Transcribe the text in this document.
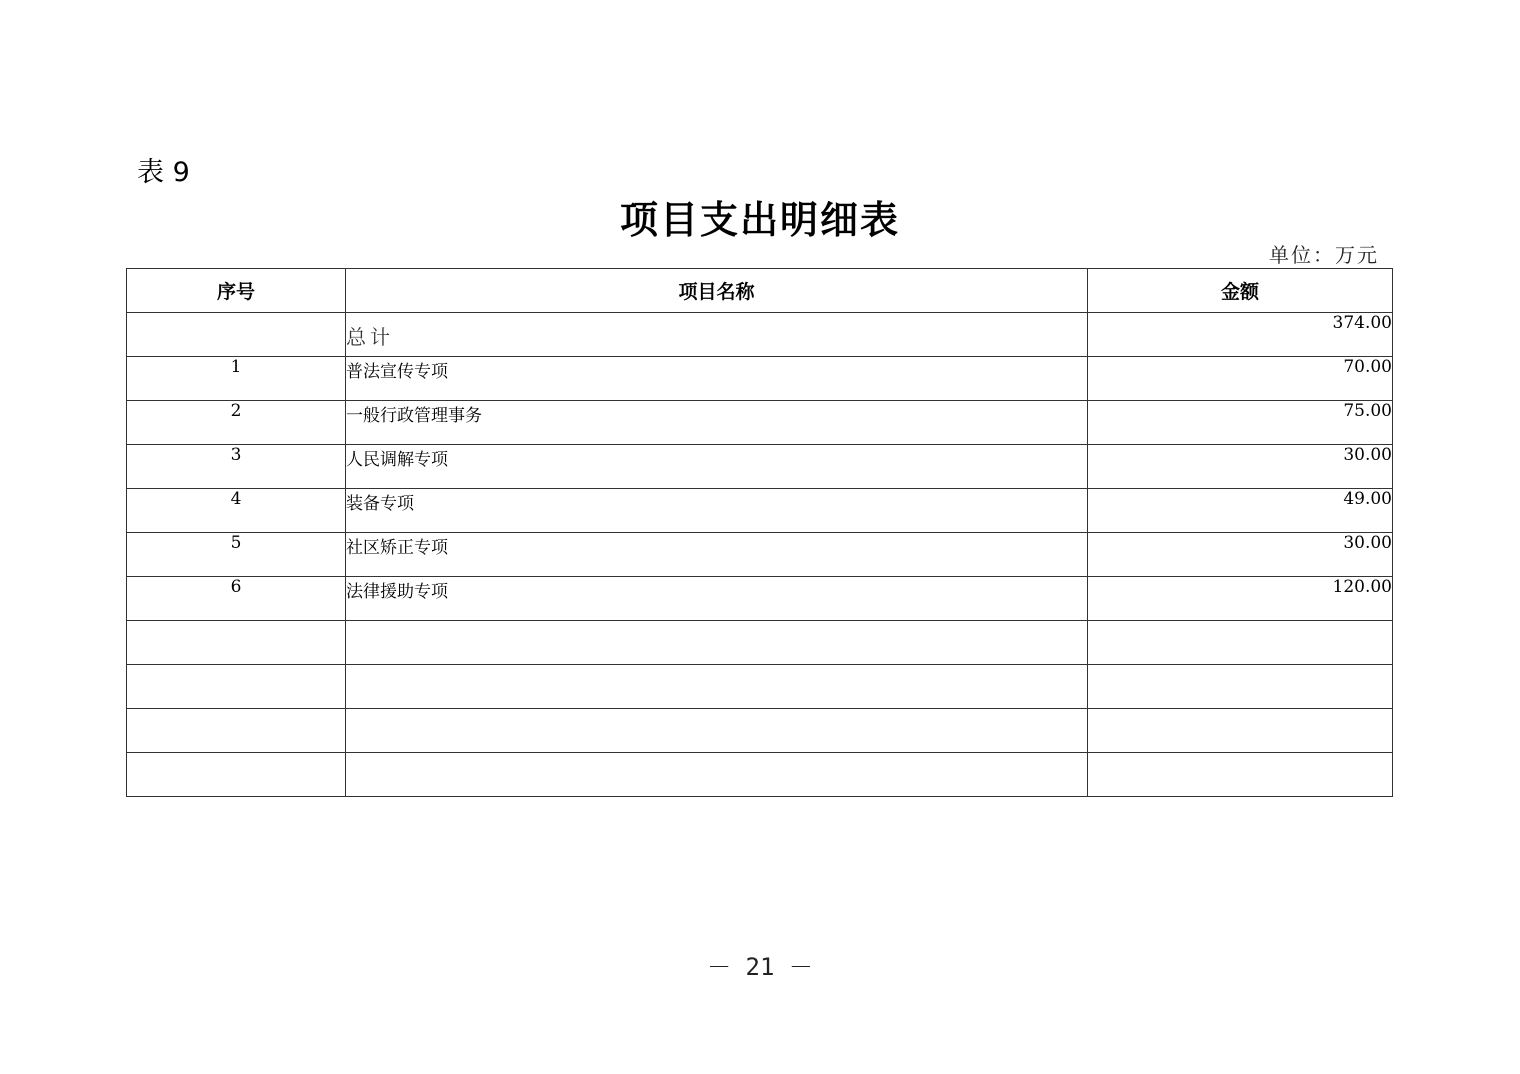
表 9
项目支出明细表
单位：万元
序号	项目名称	金额
	总计	374.00
1	普法宣传专项	70.00
2	一般行政管理事务	75.00
3	人民调解专项	30.00
4	装备专项	49.00
5	社区矫正专项	30.00
6	法律援助专项	120.00

－ 21 －
